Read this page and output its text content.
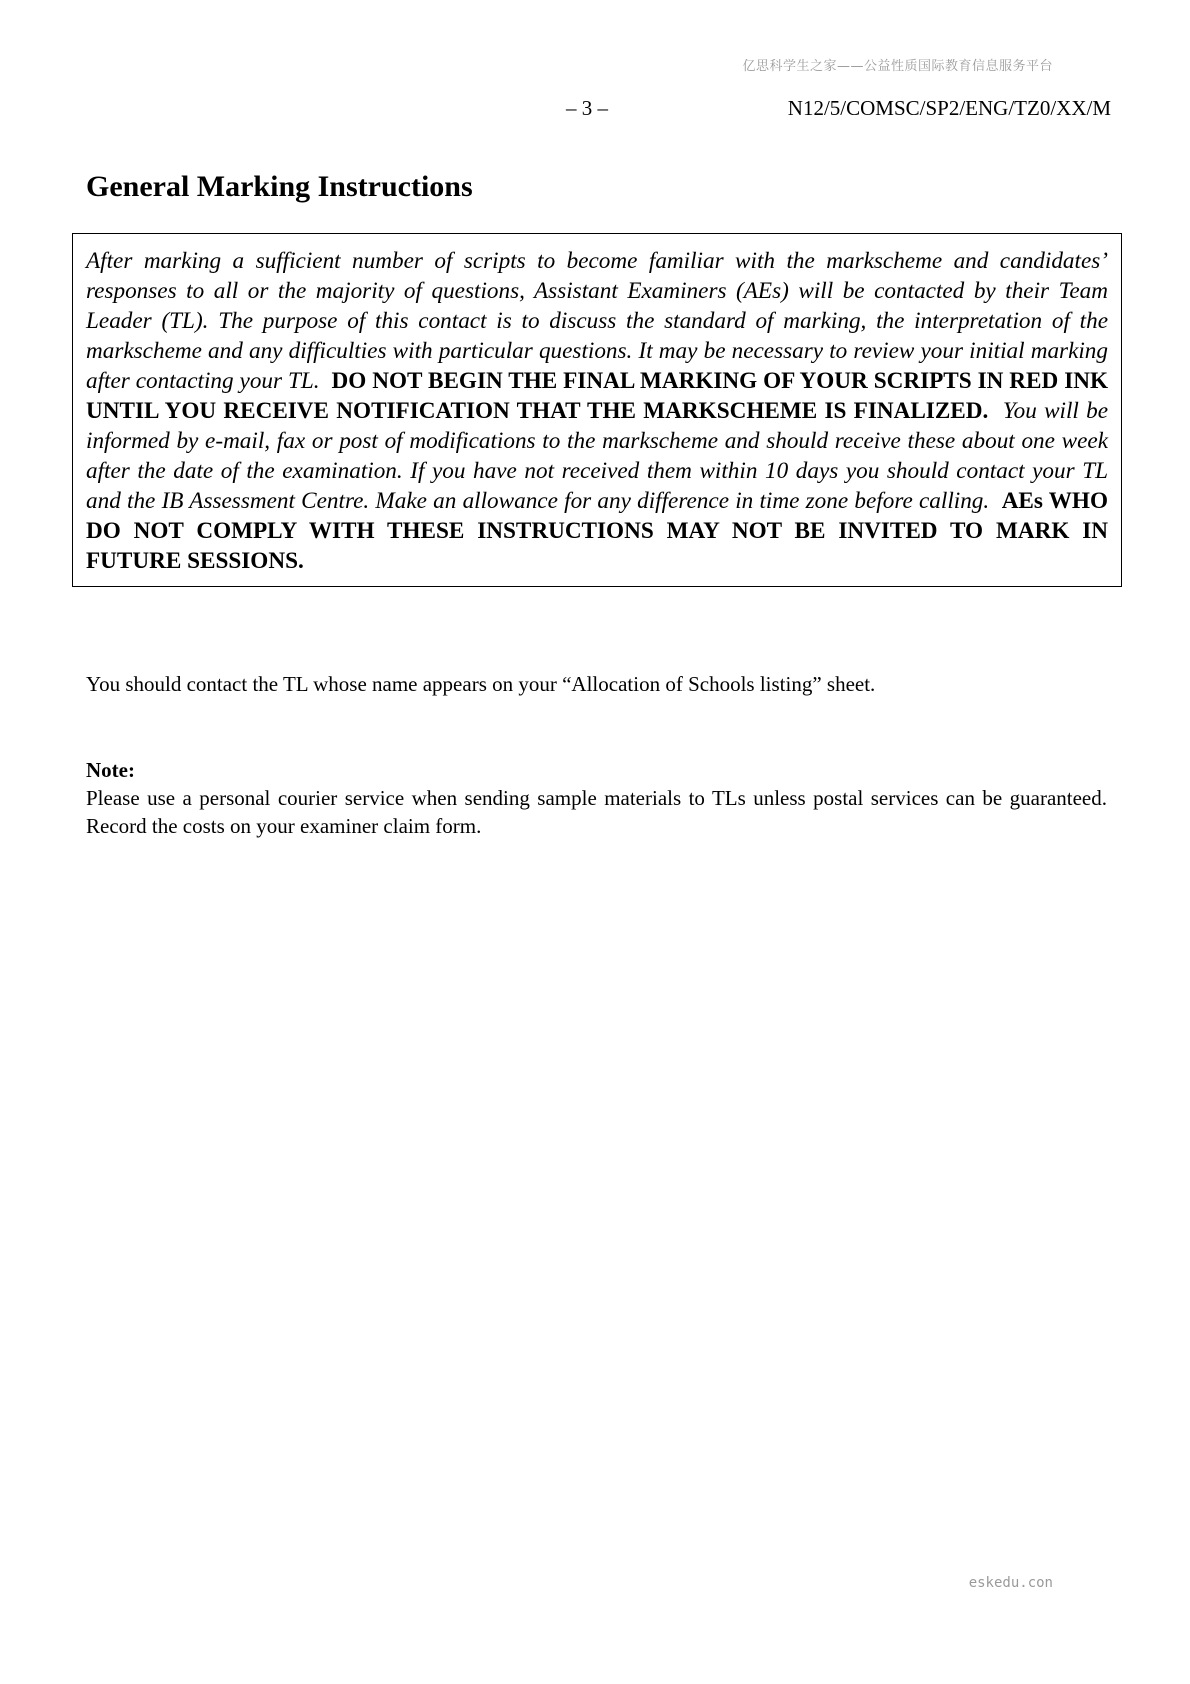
亿思科学生之家——公益性质国际教育信息服务平台
– 3 –	N12/5/COMSC/SP2/ENG/TZ0/XX/M
General Marking Instructions
After marking a sufficient number of scripts to become familiar with the markscheme and candidates’ responses to all or the majority of questions, Assistant Examiners (AEs) will be contacted by their Team Leader (TL). The purpose of this contact is to discuss the standard of marking, the interpretation of the markscheme and any difficulties with particular questions. It may be necessary to review your initial marking after contacting your TL. DO NOT BEGIN THE FINAL MARKING OF YOUR SCRIPTS IN RED INK UNTIL YOU RECEIVE NOTIFICATION THAT THE MARKSCHEME IS FINALIZED. You will be informed by e-mail, fax or post of modifications to the markscheme and should receive these about one week after the date of the examination. If you have not received them within 10 days you should contact your TL and the IB Assessment Centre. Make an allowance for any difference in time zone before calling. AEs WHO DO NOT COMPLY WITH THESE INSTRUCTIONS MAY NOT BE INVITED TO MARK IN FUTURE SESSIONS.
You should contact the TL whose name appears on your “Allocation of Schools listing” sheet.
Note:
Please use a personal courier service when sending sample materials to TLs unless postal services can be guaranteed. Record the costs on your examiner claim form.
eskedu.con
